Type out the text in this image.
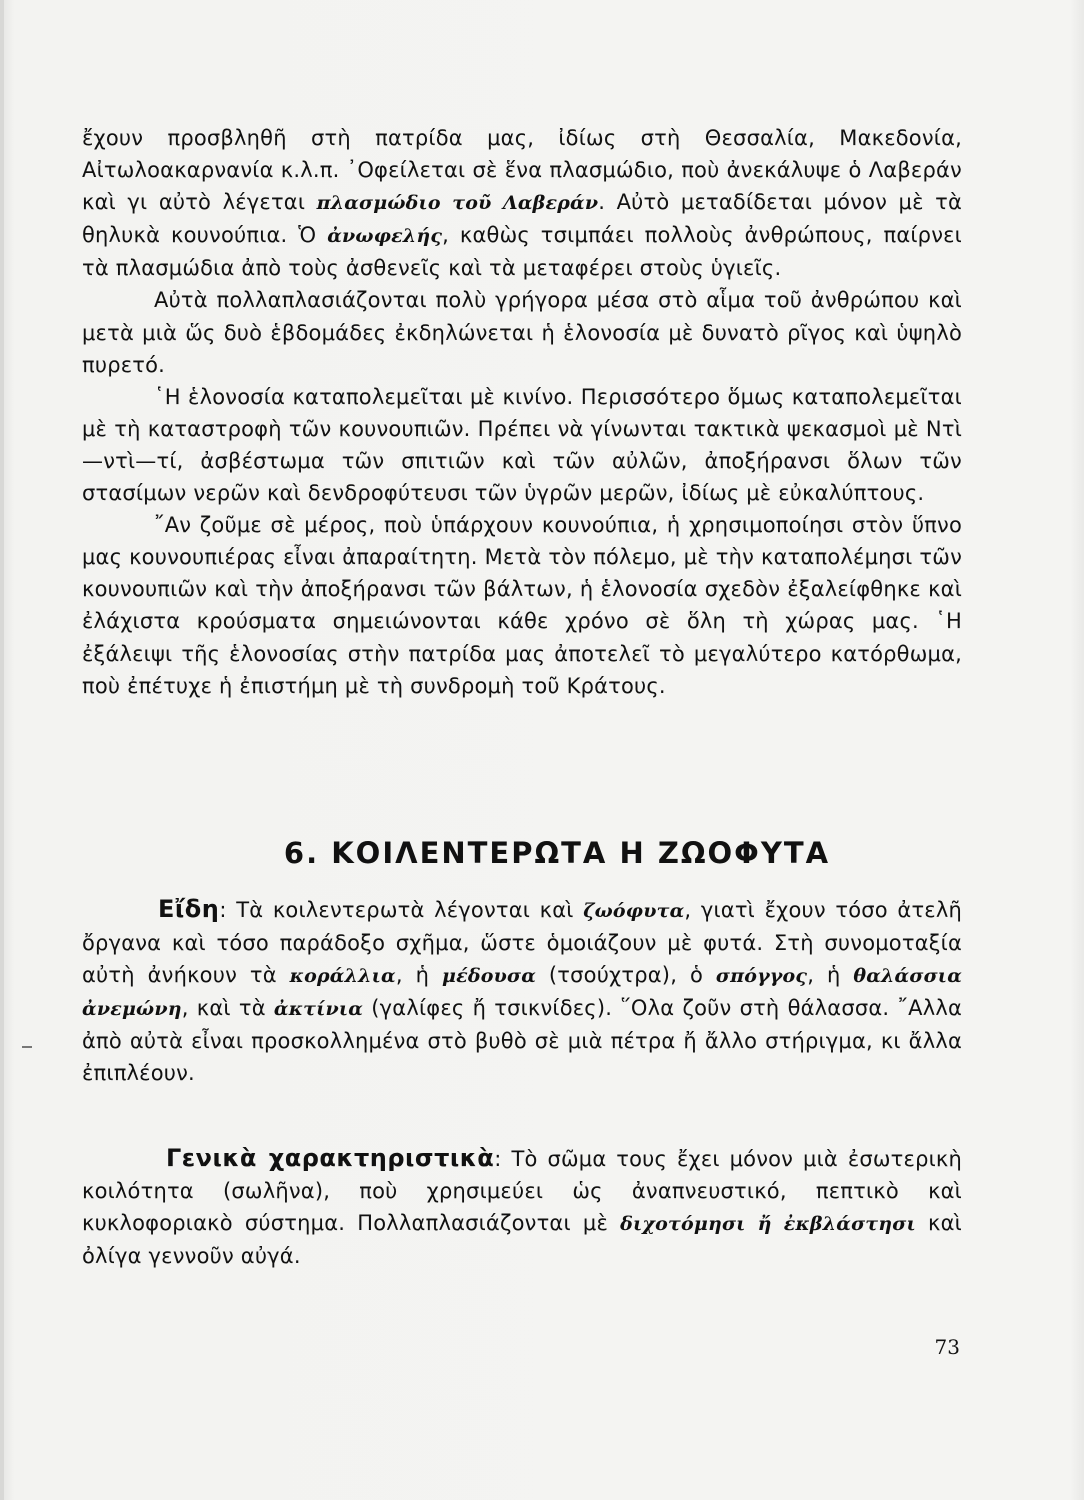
ἔχουν προσβληθῆ στὴ πατρίδα μας, ἰδίως στὴ Θεσσαλία, Μακεδονία, Αἰτωλοακαρνανία κ.λ.π. ᾿Οφείλεται σὲ ἕνα πλασμώδιο, ποὺ ἀνεκάλυψε ὁ Λαβεράν καὶ γι αὐτὸ λέγεται πλασμώδιο τοῦ Λαβεράν. Αὐτὸ μεταδίδεται μόνον μὲ τὰ θηλυκὰ κουνούπια. Ὁ ἀνωφελής, καθὼς τσιμπάει πολλοὺς ἀνθρώπους, παίρνει τὰ πλασμώδια ἀπὸ τοὺς ἀσθενεῖς καὶ τὰ μεταφέρει στοὺς ὑγιεῖς.

Αὐτὰ πολλαπλασιάζονται πολὺ γρήγορα μέσα στὸ αἷμα τοῦ ἀνθρώπου καὶ μετὰ μιὰ ὥς δυὸ ἑβδομάδες ἐκδηλώνεται ἡ ἑλονοσία μὲ δυνατὸ ρῖγος καὶ ὑψηλὸ πυρετό.

῾Η ἑλονοσία καταπολεμεῖται μὲ κινίνο. Περισσότερο ὅμως καταπολεμεῖται μὲ τὴ καταστροφὴ τῶν κουνουπιῶν. Πρέπει νὰ γίνωνται τακτικὰ ψεκασμοὶ μὲ Ντὶ—ντὶ—τί, ἀσβέστωμα τῶν σπιτιῶν καὶ τῶν αὐλῶν, ἀποξήρανσι ὅλων τῶν στασίμων νερῶν καὶ δενδροφύτευσι τῶν ὑγρῶν μερῶν, ἰδίως μὲ εὐκαλύπτους.

῎Αν ζοῦμε σὲ μέρος, ποὺ ὑπάρχουν κουνούπια, ἡ χρησιμοποίησι στὸν ὕπνο μας κουνουπιέρας εἶναι ἀπαραίτητη. Μετὰ τὸν πόλεμο, μὲ τὴν καταπολέμησι τῶν κουνουπιῶν καὶ τὴν ἀποξήρανσι τῶν βάλτων, ἡ ἑλονοσία σχεδὸν ἐξαλείφθηκε καὶ ἐλάχιστα κρούσματα σημειώνονται κάθε χρόνο σὲ ὅλη τὴ χώρας μας. ῾Η ἐξάλειψι τῆς ἑλονοσίας στὴν πατρίδα μας ἀποτελεῖ τὸ μεγαλύτερο κατόρθωμα, ποὺ ἐπέτυχε ἡ ἐπιστήμη μὲ τὴ συνδρομὴ τοῦ Κράτους.

6. ΚΟΙΛΕΝΤΕΡΩΤΑ Η ΖΩΟΦΥΤΑ

Εἴδη: Τὰ κοιλεντερωτὰ λέγονται καὶ ζωόφυτα, γιατὶ ἔχουν τόσο ἀτελῆ ὄργανα καὶ τόσο παράδοξο σχῆμα, ὥστε ὁμοιάζουν μὲ φυτά. Στὴ συνομοταξία αὐτὴ ἀνήκουν τὰ κοράλλια, ἡ μέδουσα (τσούχτρα), ὁ σπόγγος, ἡ θαλάσσια ἀνεμώνη, καὶ τὰ ἀκτίνια (γαλίφες ἤ τσικνίδες). ῞Ολα ζοῦν στὴ θάλασσα. ῎Αλλα ἀπὸ αὐτὰ εἶναι προσκολλημένα στὸ βυθὸ σὲ μιὰ πέτρα ἤ ἄλλο στήριγμα, κι ἄλλα ἐπιπλέουν.

Γενικὰ χαρακτηριστικὰ: Τὸ σῶμα τους ἔχει μόνον μιὰ ἐσωτερικὴ κοιλότητα (σωλῆνα), ποὺ χρησιμεύει ὡς ἀναπνευστικό, πεπτικὸ καὶ κυκλοφοριακὸ σύστημα. Πολλαπλασιάζονται μὲ διχοτόμησι ἤ ἐκβλάστησι καὶ ὀλίγα γεννοῦν αὐγά.

73
